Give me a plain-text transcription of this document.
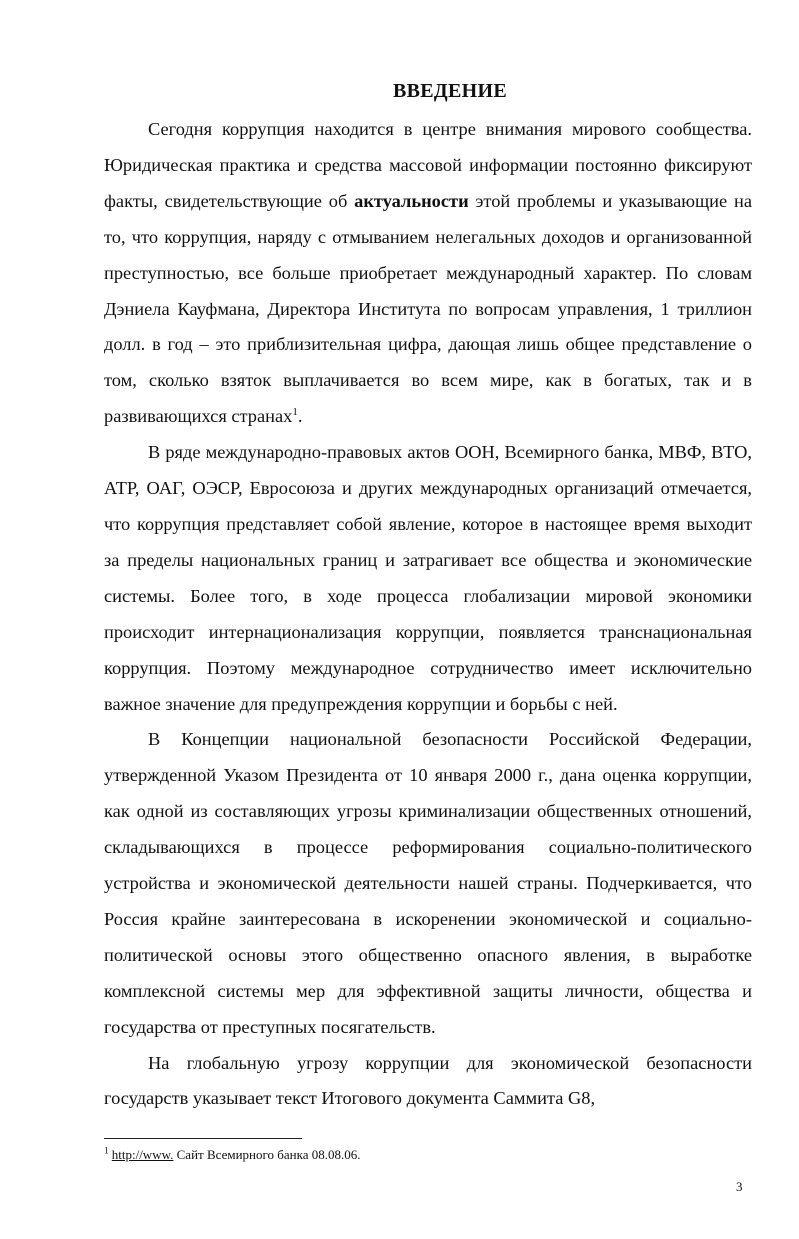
ВВЕДЕНИЕ

Сегодня коррупция находится в центре внимания мирового сообщества. Юридическая практика и средства массовой информации постоянно фиксируют факты, свидетельствующие об актуальности этой проблемы и указывающие на то, что коррупция, наряду с отмыванием нелегальных доходов и организованной преступностью, все больше приобретает международный характер. По словам Дэниела Кауфмана, Директора Института по вопросам управления, 1 триллион долл. в год – это приблизительная цифра, дающая лишь общее представление о том, сколько взяток выплачивается во всем мире, как в богатых, так и в развивающихся странах$^1$.

В ряде международно-правовых актов ООН, Всемирного банка, МВФ, ВТО, АТР, ОАГ, ОЭСР, Евросоюза и других международных организаций отмечается, что коррупция представляет собой явление, которое в настоящее время выходит за пределы национальных границ и затрагивает все общества и экономические системы. Более того, в ходе процесса глобализации мировой экономики происходит интернационализация коррупции, появляется транснациональная коррупция. Поэтому международное сотрудничество имеет исключительно важное значение для предупреждения коррупции и борьбы с ней.

В Концепции национальной безопасности Российской Федерации, утвержденной Указом Президента от 10 января 2000 г., дана оценка коррупции, как одной из составляющих угрозы криминализации общественных отношений, складывающихся в процессе реформирования социально-политического устройства и экономической деятельности нашей страны. Подчеркивается, что Россия крайне заинтересована в искоренении экономической и социально-политической основы этого общественно опасного явления, в выработке комплексной системы мер для эффективной защиты личности, общества и государства от преступных посягательств.

На глобальную угрозу коррупции для экономической безопасности государств указывает текст Итогового документа Саммита G8,

$^1$ http://www. Сайт Всемирного банка 08.08.06.
3
